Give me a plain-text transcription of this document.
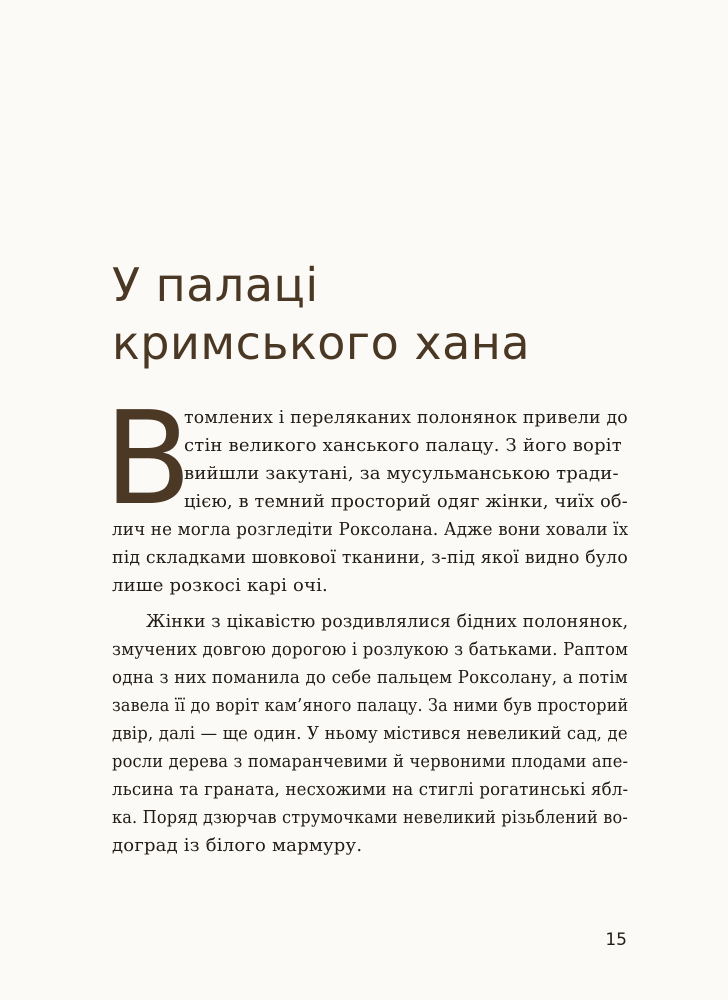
У палаці
кримського хана
В
томлених і переляканих полонянок привели до
стін великого ханського палацу. З його воріт
вийшли закутані, за мусульманською тради-
цією, в темний просторий одяг жінки, чиїх об-
лич не могла розгледіти Роксолана. Адже вони ховали їх
під складками шовкової тканини, з-під якої видно було
лише розкосі карі очі.
Жінки з цікавістю роздивлялися бідних полонянок,
змучених довгою дорогою і розлукою з батьками. Раптом
одна з них поманила до себе пальцем Роксолану, а потім
завела її до воріт кам’яного палацу. За ними був просторий
двір, далі — ще один. У ньому містився невеликий сад, де
росли дерева з помаранчевими й червоними плодами апе-
льсина та граната, несхожими на стиглі рогатинські ябл-
ка. Поряд дзюрчав струмочками невеликий різьблений во-
доград із білого мармуру.
15
